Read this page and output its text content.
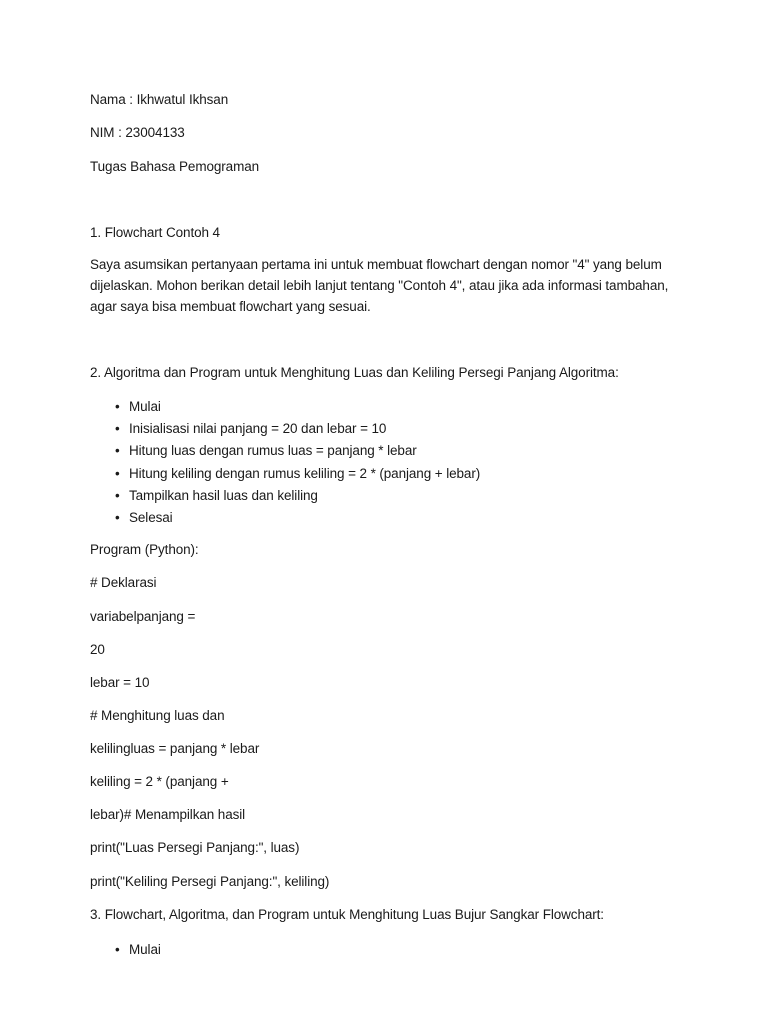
Nama : Ikhwatul Ikhsan
NIM : 23004133
Tugas Bahasa Pemograman
1. Flowchart Contoh 4
Saya asumsikan pertanyaan pertama ini untuk membuat flowchart dengan nomor "4" yang belum dijelaskan. Mohon berikan detail lebih lanjut tentang "Contoh 4", atau jika ada informasi tambahan, agar saya bisa membuat flowchart yang sesuai.
2. Algoritma dan Program untuk Menghitung Luas dan Keliling Persegi Panjang Algoritma:
• Mulai
• Inisialisasi nilai panjang = 20 dan lebar = 10
• Hitung luas dengan rumus luas = panjang * lebar
• Hitung keliling dengan rumus keliling = 2 * (panjang + lebar)
• Tampilkan hasil luas dan keliling
• Selesai
Program (Python):
# Deklarasi
variabelpanjang =
20
lebar = 10
# Menghitung luas dan
kelilingluas = panjang * lebar
keliling = 2 * (panjang +
lebar)# Menampilkan hasil
print("Luas Persegi Panjang:", luas)
print("Keliling Persegi Panjang:", keliling)
3. Flowchart, Algoritma, dan Program untuk Menghitung Luas Bujur Sangkar Flowchart:
• Mulai
